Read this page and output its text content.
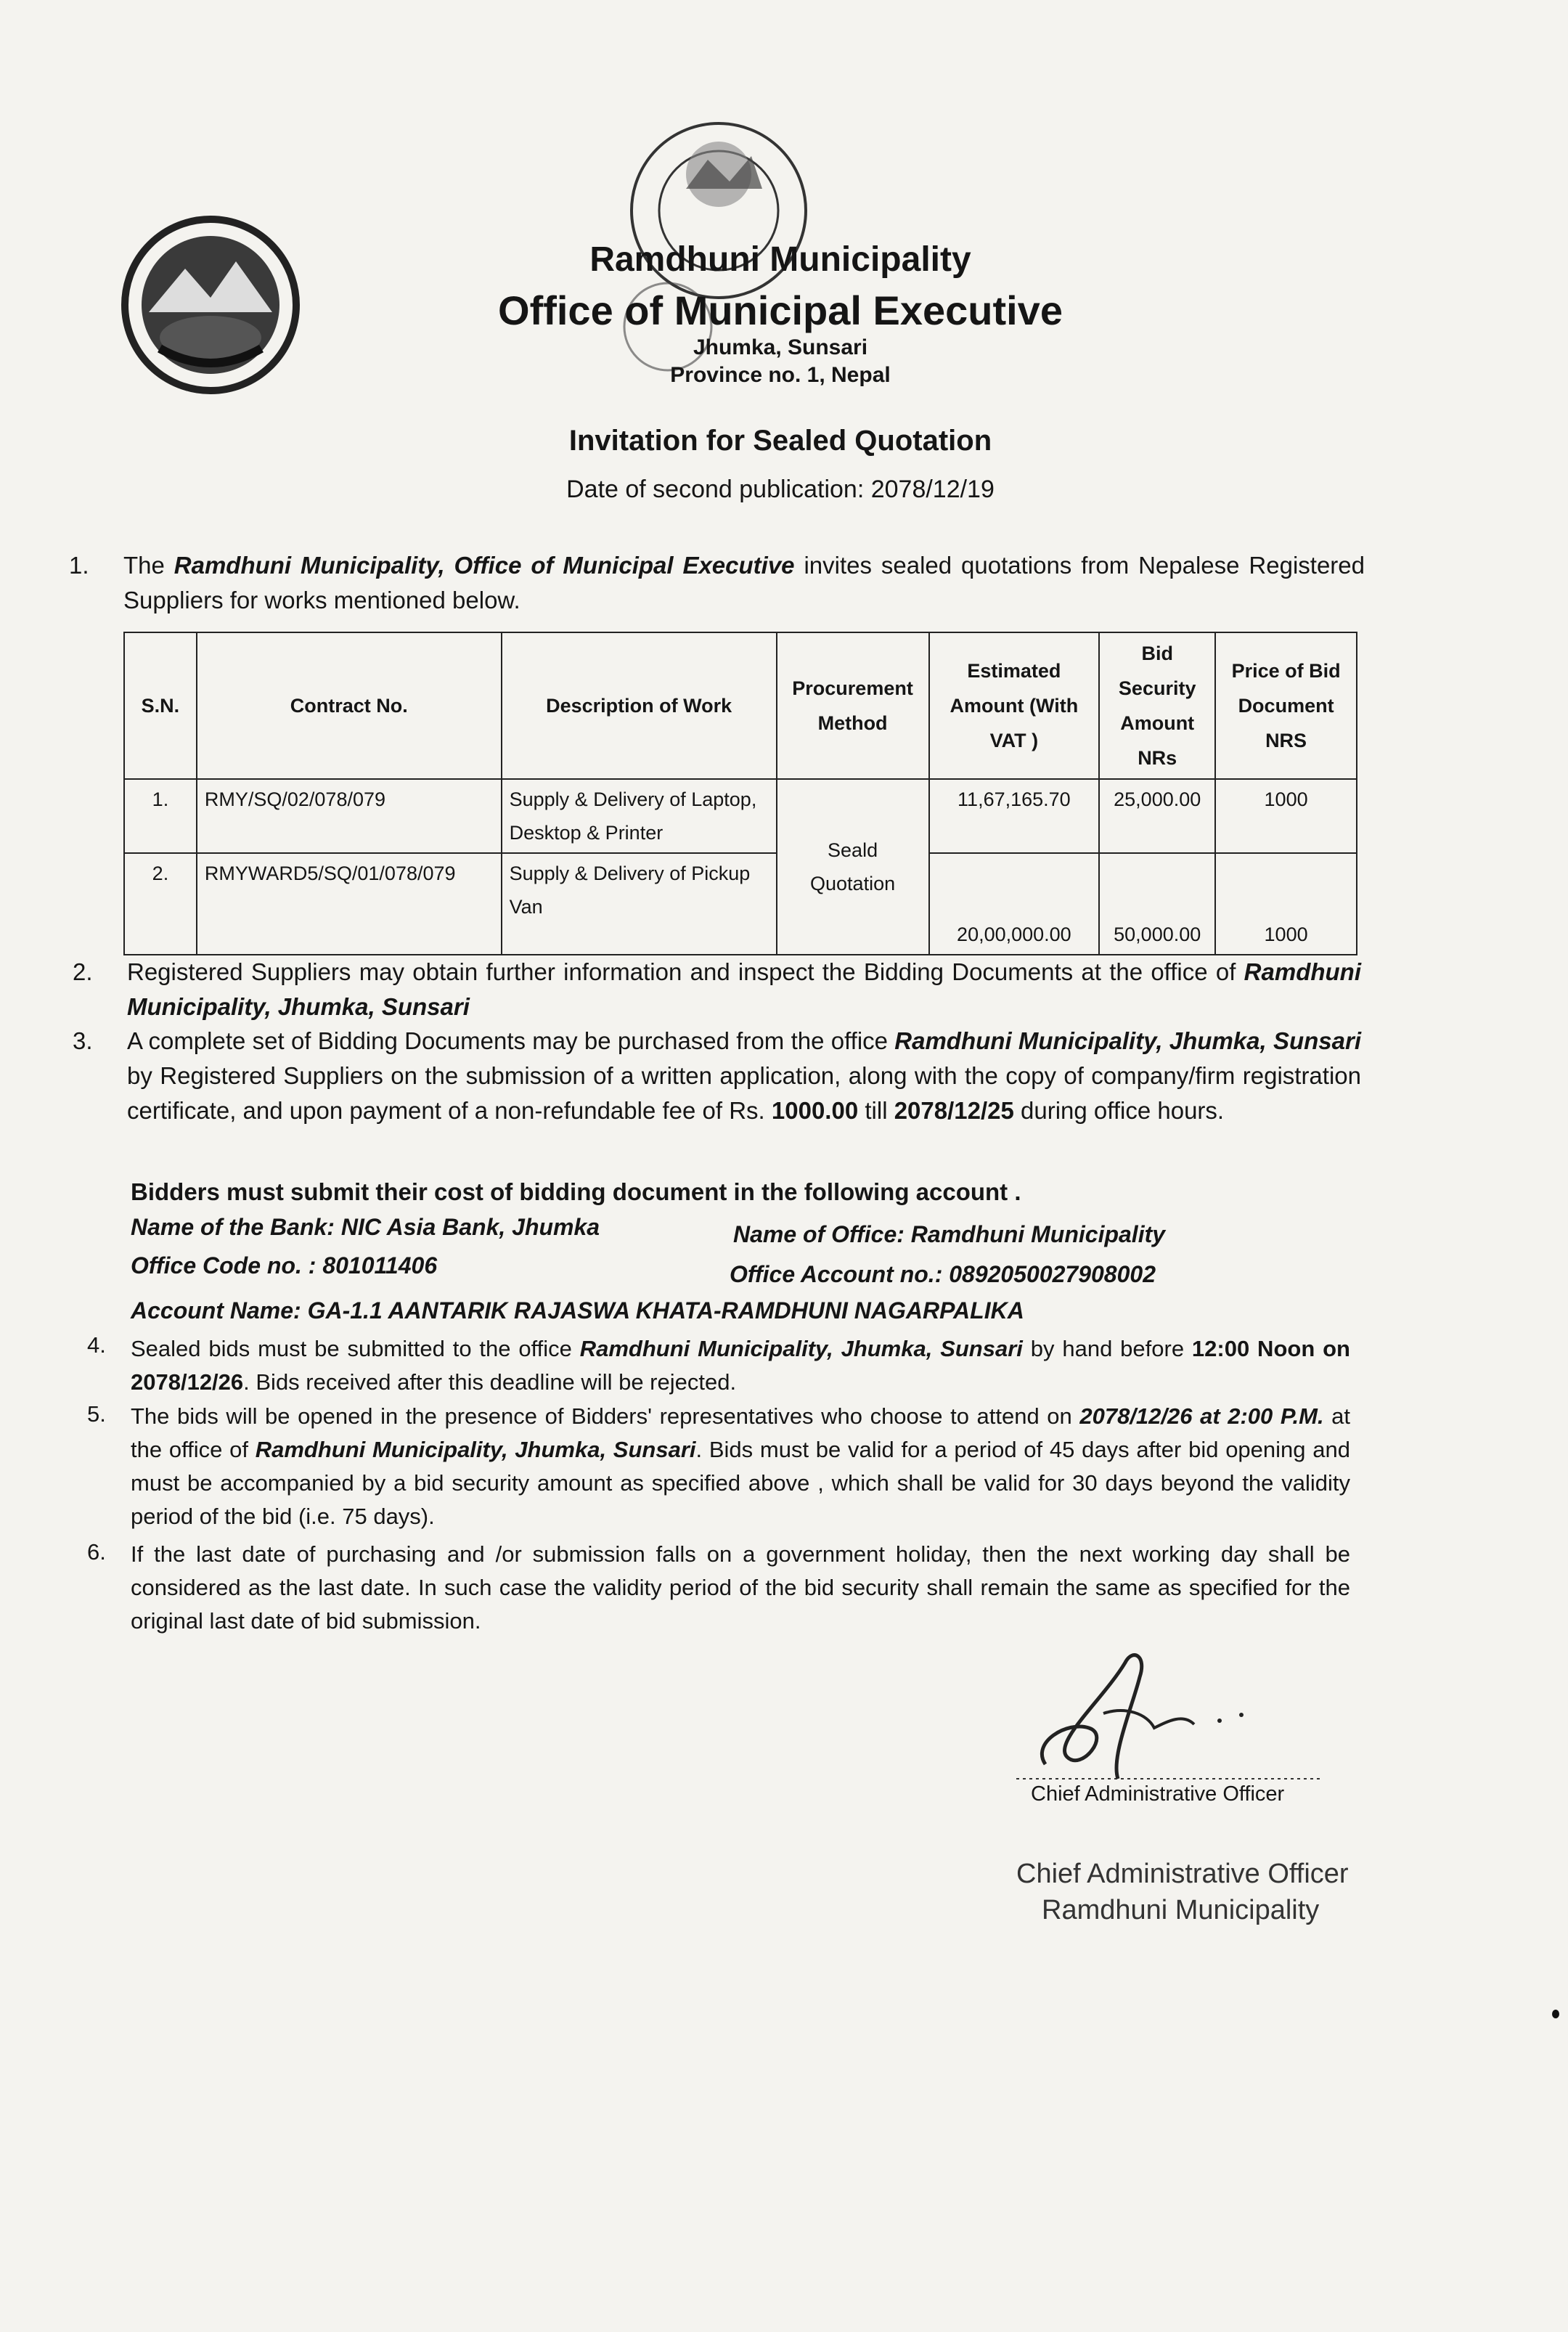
~~~~~~
Ramdhuni Municipality
Office of Municipal Executive
Jhumka, Sunsari
Province no. 1, Nepal
Invitation for Sealed Quotation
Date of second publication: 2078/12/19
1. The Ramdhuni Municipality, Office of Municipal Executive invites sealed quotations from Nepalese Registered Suppliers for works mentioned below.
S.N.	Contract No.	Description of Work	Procurement Method	Estimated Amount (With VAT )	Bid Security Amount NRs	Price of Bid Document NRS
1.	RMY/SQ/02/078/079	Supply & Delivery of Laptop, Desktop & Printer	Seald Quotation	11,67,165.70	25,000.00	1000
2.	RMYWARD5/SQ/01/078/079	Supply & Delivery of Pickup Van		20,00,000.00	50,000.00	1000
2. Registered Suppliers may obtain further information and inspect the Bidding Documents at the office of Ramdhuni Municipality, Jhumka, Sunsari
3. A complete set of Bidding Documents may be purchased from the office Ramdhuni Municipality, Jhumka, Sunsari by Registered Suppliers on the submission of a written application, along with the copy of company/firm registration certificate, and upon payment of a non-refundable fee of Rs. 1000.00 till 2078/12/25 during office hours.
Bidders must submit their cost of bidding document in the following account .
Name of the Bank: NIC Asia Bank, Jhumka	Name of Office: Ramdhuni Municipality
Office Code no. : 801011406	Office Account no.: 0892050027908002
Account Name: GA-1.1 AANTARIK RAJASWA KHATA-RAMDHUNI NAGARPALIKA
4. Sealed bids must be submitted to the office Ramdhuni Municipality, Jhumka, Sunsari by hand before 12:00 Noon on 2078/12/26. Bids received after this deadline will be rejected.
5. The bids will be opened in the presence of Bidders' representatives who choose to attend on 2078/12/26 at 2:00 P.M. at the office of Ramdhuni Municipality, Jhumka, Sunsari. Bids must be valid for a period of 45 days after bid opening and must be accompanied by a bid security amount as specified above , which shall be valid for 30 days beyond the validity period of the bid (i.e. 75 days).
6. If the last date of purchasing and /or submission falls on a government holiday, then the next working day shall be considered as the last date. In such case the validity period of the bid security shall remain the same as specified for the original last date of bid submission.
Chief Administrative Officer
Chief Administrative Officer
Ramdhuni Municipality
